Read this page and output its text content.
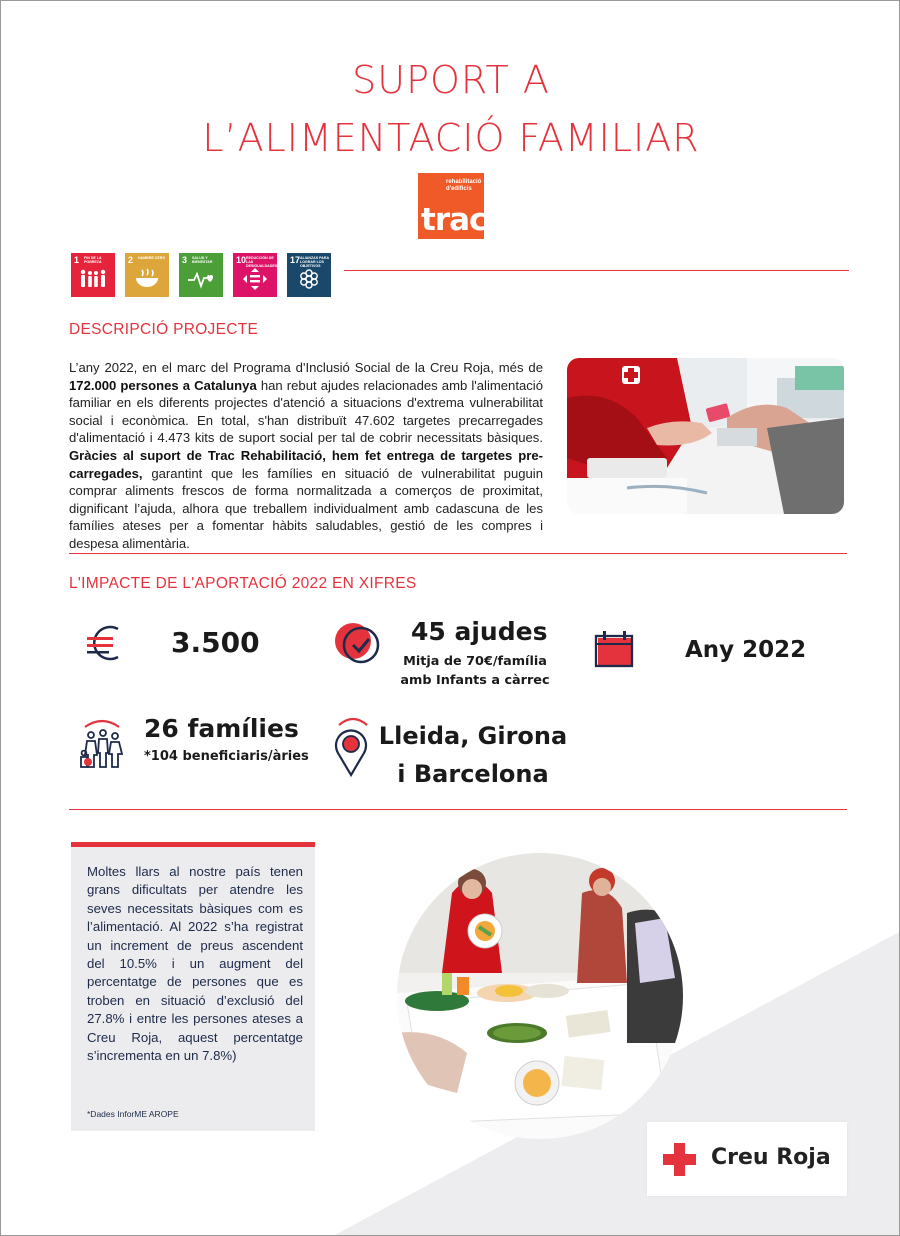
SUPORT A
L’ALIMENTACIÓ FAMILIAR
rehabilitació
d'edificis
trac
1 FIN DE LA POBREZA	2 HAMBRE CERO	3 SALUD Y BIENESTAR	10 REDUCCIÓN DE LAS DESIGUALDADES
17 ALIANZAS PARA LOGRAR LOS OBJETIVOS
DESCRIPCIÓ PROJECTE
L’any 2022, en el marc del Programa d'Inclusió Social de la Creu Roja, més de 172.000 persones a Catalunya han rebut ajudes relacionades amb l'alimentació familiar en els diferents projectes d'atenció a situacions d'extrema vulnerabilitat social i econòmica. En total, s'han distribuït 47.602 targetes precarregades d'alimentació i 4.473 kits de suport social per tal de cobrir necessitats bàsiques. Gràcies al suport de Trac Rehabilitació, hem fet entrega de targetes pre-carregades, garantint que les famílies en situació de vulnerabilitat puguin comprar aliments frescos de forma normalitzada a comerços de proximitat, dignificant l’ajuda, alhora que treballem individualment amb cadascuna de les famílies ateses per a fomentar hàbits saludables, gestió de les compres i despesa alimentària.
L'IMPACTE DE L'APORTACIÓ 2022 EN XIFRES
3.500	45 ajudes
Mitja de 70€/família
amb Infants a càrrec
Any 2022
26 famílies
*104 beneficiaris/àries
Lleida, Girona
i Barcelona
Moltes llars al nostre país tenen grans dificultats per atendre les seves necessitats bàsiques com es l’alimentació. Al 2022 s’ha registrat un increment de preus ascendent del 10.5% i un augment del percentatge de persones que es troben en situació d’exclusió del 27.8% i entre les persones ateses a Creu Roja, aquest percentatge s’incrementa en un 7.8%)
*Dades InforME AROPE
Creu Roja
